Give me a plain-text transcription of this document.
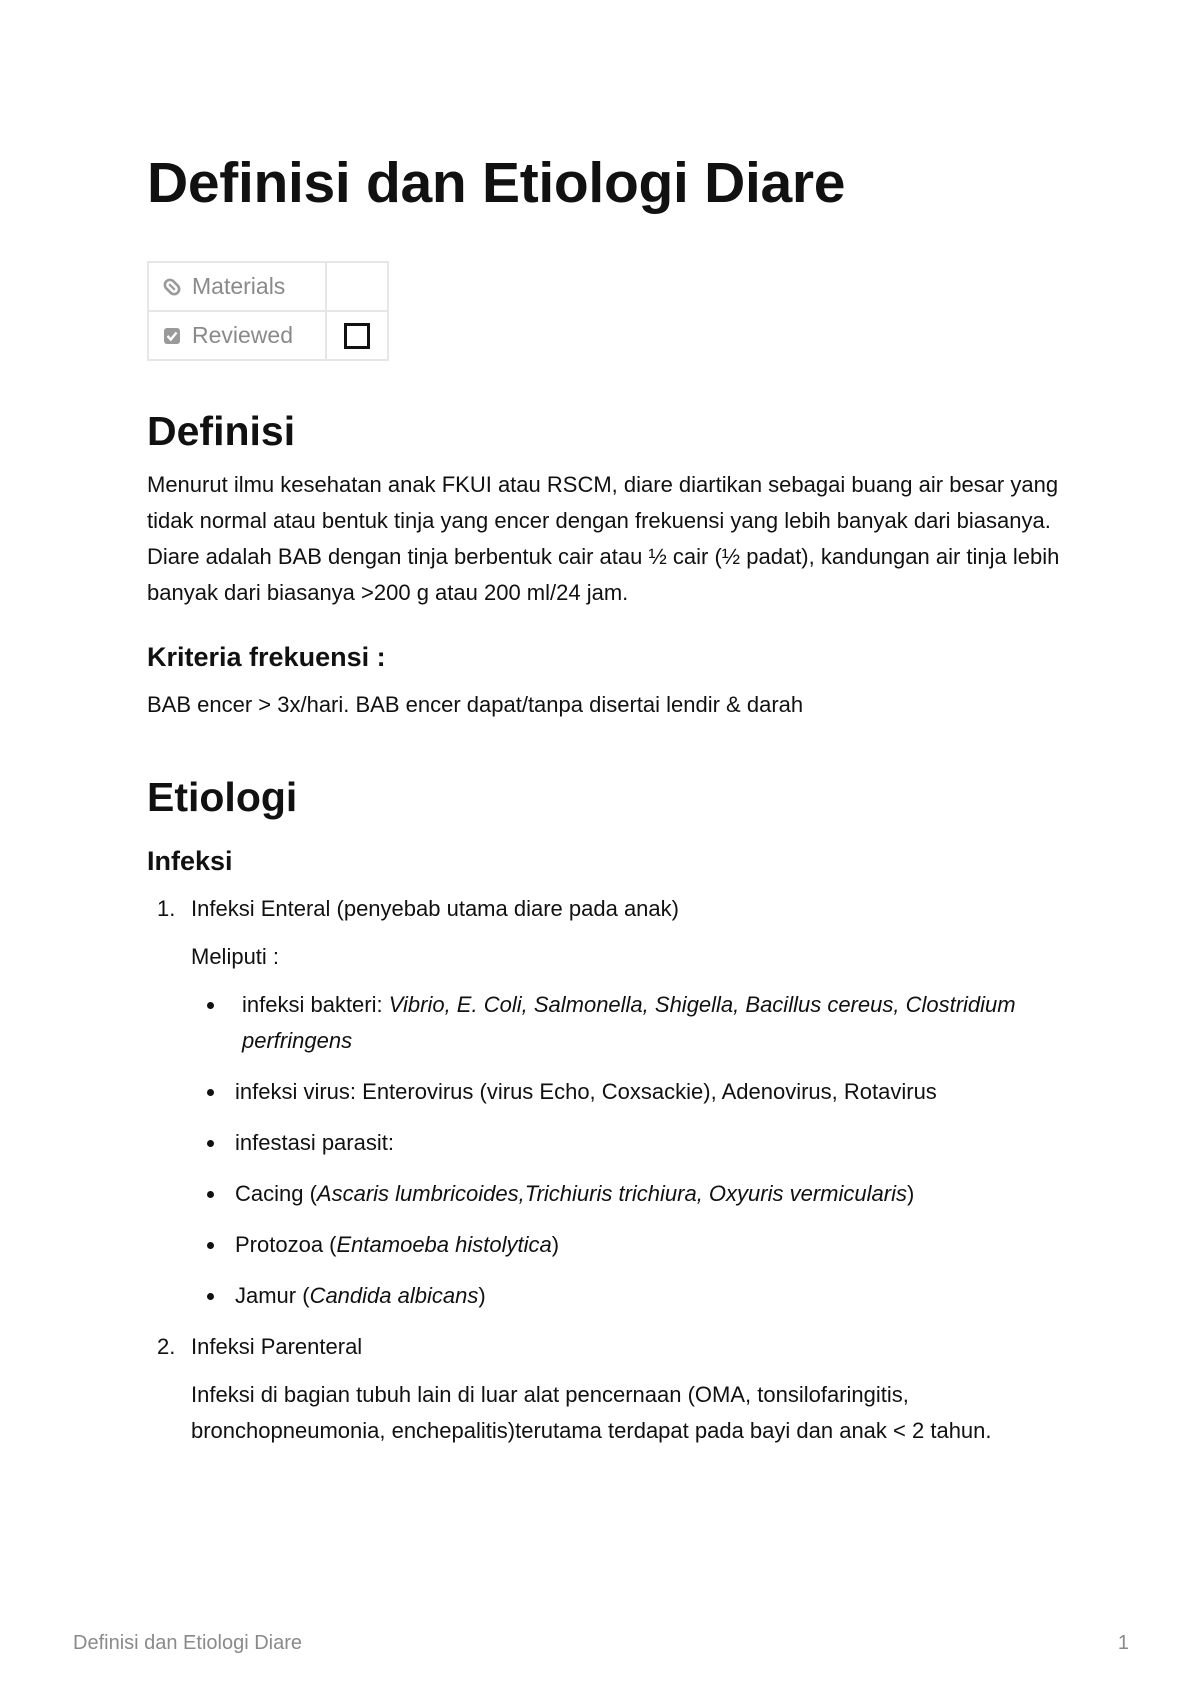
Definisi dan Etiologi Diare
Materials	
Reviewed	
Definisi

Menurut ilmu kesehatan anak FKUI atau RSCM, diare diartikan sebagai buang air besar yang tidak normal atau bentuk tinja yang encer dengan frekuensi yang lebih banyak dari biasanya.

Diare adalah BAB dengan tinja berbentuk cair atau ½ cair (½ padat), kandungan air tinja lebih banyak dari biasanya >200 g atau 200 ml/24 jam.

Kriteria frekuensi :

BAB encer > 3x/hari. BAB encer dapat/tanpa disertai lendir & darah

Etiologi
Infeksi
1. Infeksi Enteral (penyebab utama diare pada anak)
Meliputi :
infeksi bakteri: Vibrio, E. Coli, Salmonella, Shigella, Bacillus cereus, Clostridium perfringens
infeksi virus: Enterovirus (virus Echo, Coxsackie), Adenovirus, Rotavirus
infestasi parasit:
Cacing (Ascaris lumbricoides,Trichiuris trichiura, Oxyuris vermicularis)
Protozoa (Entamoeba histolytica)
Jamur (Candida albicans)
2. Infeksi Parenteral
Infeksi di bagian tubuh lain di luar alat pencernaan (OMA, tonsilofaringitis, bronchopneumonia, enchepalitis)terutama terdapat pada bayi dan anak < 2 tahun.
Definisi dan Etiologi Diare	1
